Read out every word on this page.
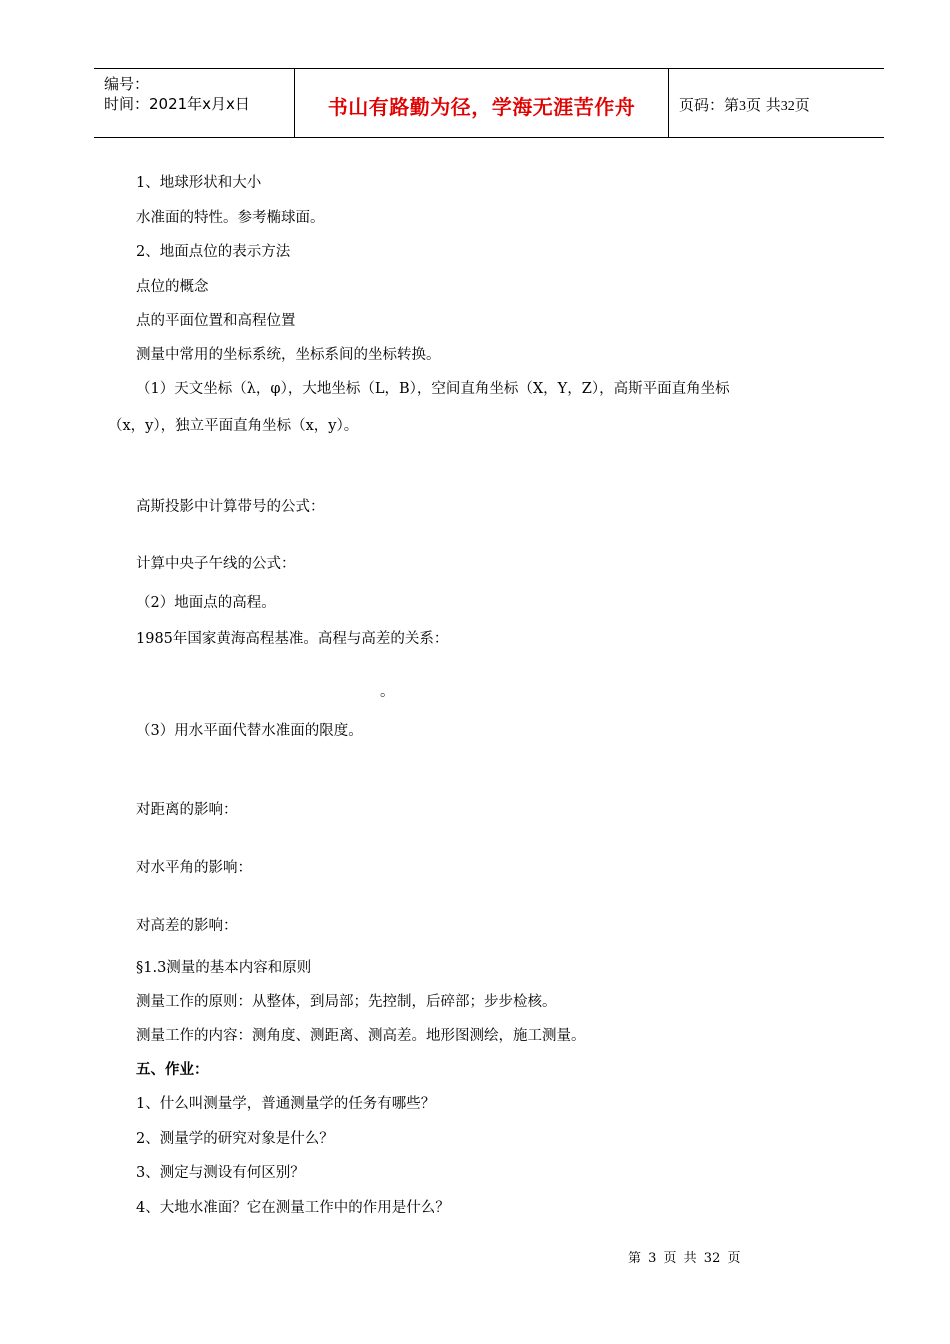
编号：
时间：2021年x月x日	书山有路勤为径，学海无涯苦作舟	页码：第3页 共32页
1、地球形状和大小
水准面的特性。参考椭球面。
2、地面点位的表示方法
点位的概念
点的平面位置和高程位置
测量中常用的坐标系统，坐标系间的坐标转换。
（1）天文坐标（λ，φ），大地坐标（L，B），空间直角坐标（X，Y，Z），高斯平面直角坐标
（x，y），独立平面直角坐标（x，y）。
高斯投影中计算带号的公式：
计算中央子午线的公式：
（2）地面点的高程。
1985年国家黄海高程基准。高程与高差的关系：
。
（3）用水平面代替水准面的限度。
对距离的影响：
对水平角的影响：
对高差的影响：
§1.3测量的基本内容和原则
测量工作的原则：从整体，到局部；先控制，后碎部；步步检核。
测量工作的内容：测角度、测距离、测高差。地形图测绘，施工测量。
五、作业：
1、什么叫测量学，普通测量学的任务有哪些？
2、测量学的研究对象是什么？
3、测定与测设有何区别？
4、大地水准面？它在测量工作中的作用是什么？
第 3 页 共 32 页
